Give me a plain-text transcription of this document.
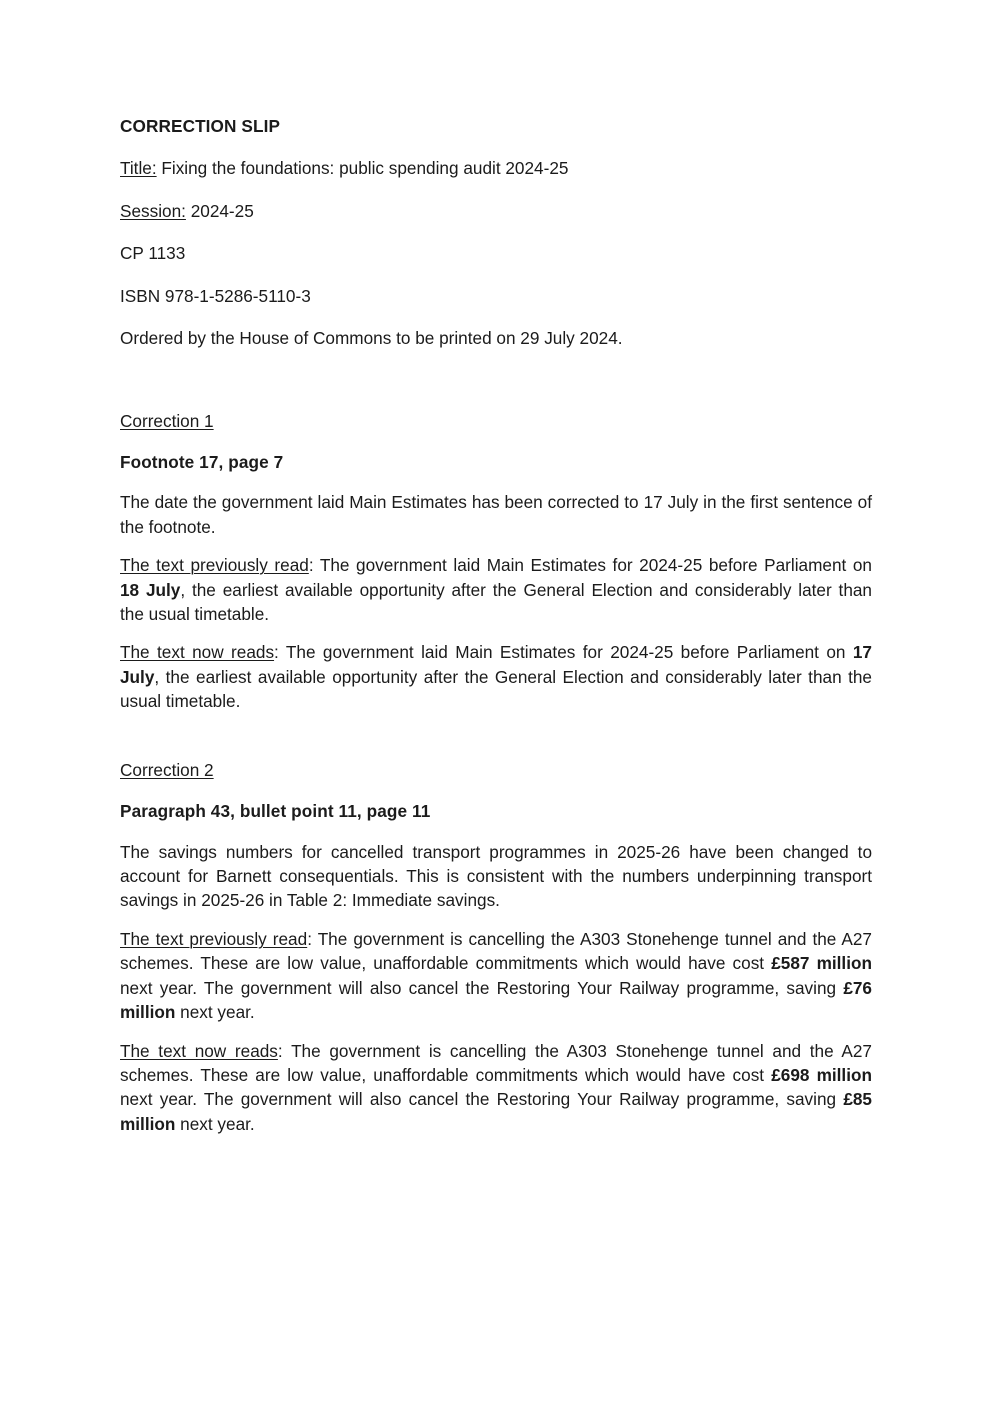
CORRECTION SLIP
Title: Fixing the foundations: public spending audit 2024-25
Session: 2024-25
CP 1133
ISBN 978-1-5286-5110-3
Ordered by the House of Commons to be printed on 29 July 2024.
Correction 1
Footnote 17, page 7

The date the government laid Main Estimates has been corrected to 17 July in the first sentence of the footnote.

The text previously read: The government laid Main Estimates for 2024-25 before Parliament on 18 July, the earliest available opportunity after the General Election and considerably later than the usual timetable.

The text now reads: The government laid Main Estimates for 2024-25 before Parliament on 17 July, the earliest available opportunity after the General Election and considerably later than the usual timetable.

Correction 2
Paragraph 43, bullet point 11, page 11

The savings numbers for cancelled transport programmes in 2025-26 have been changed to account for Barnett consequentials. This is consistent with the numbers underpinning transport savings in 2025-26 in Table 2: Immediate savings.

The text previously read: The government is cancelling the A303 Stonehenge tunnel and the A27 schemes. These are low value, unaffordable commitments which would have cost £587 million next year. The government will also cancel the Restoring Your Railway programme, saving £76 million next year.

The text now reads: The government is cancelling the A303 Stonehenge tunnel and the A27 schemes. These are low value, unaffordable commitments which would have cost £698 million next year. The government will also cancel the Restoring Your Railway programme, saving £85 million next year.
